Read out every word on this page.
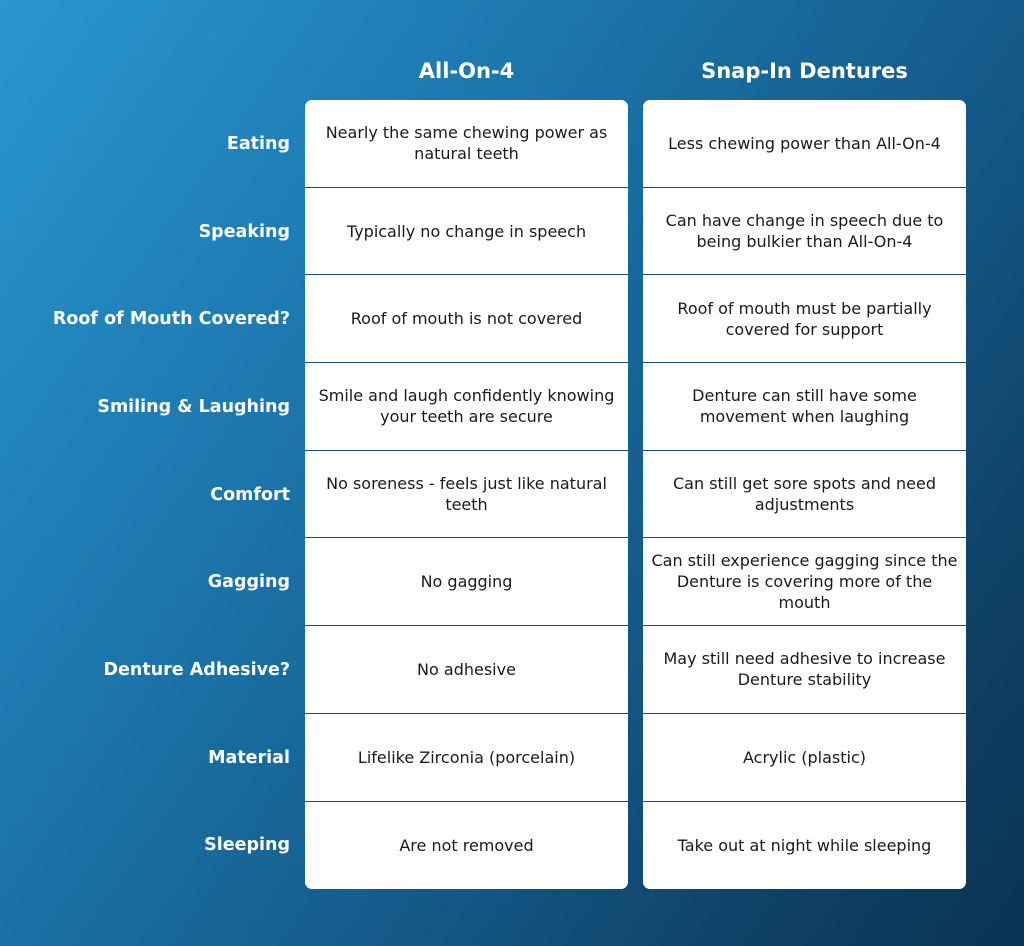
All-On-4	Snap-In Dentures
Eating
Speaking
Roof of Mouth Covered?
Smiling & Laughing
Comfort
Gagging
Denture Adhesive?
Material
Sleeping
Nearly the same chewing power as natural teeth
Typically no change in speech
Roof of mouth is not covered
Smile and laugh confidently knowing your teeth are secure
No soreness - feels just like natural teeth
No gagging
No adhesive
Lifelike Zirconia (porcelain)
Are not removed
Less chewing power than All-On-4
Can have change in speech due to being bulkier than All-On-4
Roof of mouth must be partially covered for support
Denture can still have some movement when laughing
Can still get sore spots and need adjustments
Can still experience gagging since the Denture is covering more of the mouth
May still need adhesive to increase Denture stability
Acrylic (plastic)
Take out at night while sleeping
